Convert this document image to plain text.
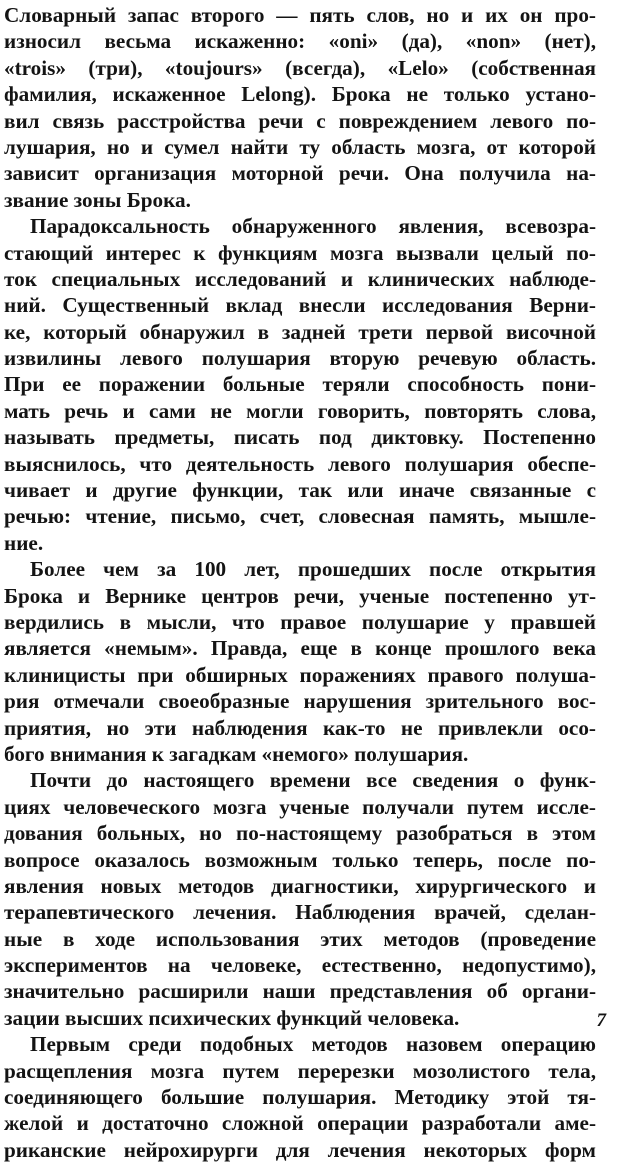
Словарный запас второго — пять слов, но и их он про-
износил весьма искаженно: «oni» (да), «non» (нет),
«trois» (три), «toujours» (всегда), «Lelo» (собственная
фамилия, искаженное Lelong). Брока не только устано-
вил связь расстройства речи с повреждением левого по-
лушария, но и сумел найти ту область мозга, от которой
зависит организация моторной речи. Она получила на-
звание зоны Брока.
Парадоксальность обнаруженного явления, всевозра-
стающий интерес к функциям мозга вызвали целый по-
ток специальных исследований и клинических наблюде-
ний. Существенный вклад внесли исследования Верни-
ке, который обнаружил в задней трети первой височной
извилины левого полушария вторую речевую область.
При ее поражении больные теряли способность пони-
мать речь и сами не могли говорить, повторять слова,
называть предметы, писать под диктовку. Постепенно
выяснилось, что деятельность левого полушария обеспе-
чивает и другие функции, так или иначе связанные с
речью: чтение, письмо, счет, словесная память, мышле-
ние.
Более чем за 100 лет, прошедших после открытия
Брока и Вернике центров речи, ученые постепенно ут-
вердились в мысли, что правое полушарие у правшей
является «немым». Правда, еще в конце прошлого века
клиницисты при обширных поражениях правого полуша-
рия отмечали своеобразные нарушения зрительного вос-
приятия, но эти наблюдения как-то не привлекли осо-
бого внимания к загадкам «немого» полушария.
Почти до настоящего времени все сведения о функ-
циях человеческого мозга ученые получали путем иссле-
дования больных, но по-настоящему разобраться в этом
вопросе оказалось возможным только теперь, после по-
явления новых методов диагностики, хирургического и
терапевтического лечения. Наблюдения врачей, сделан-
ные в ходе использования этих методов (проведение
экспериментов на человеке, естественно, недопустимо),
значительно расширили наши представления об органи-
зации высших психических функций человека.
Первым среди подобных методов назовем операцию
расщепления мозга путем перерезки мозолистого тела,
соединяющего большие полушария. Методику этой тя-
желой и достаточно сложной операции разработали аме-
риканские нейрохирурги для лечения некоторых форм
7
